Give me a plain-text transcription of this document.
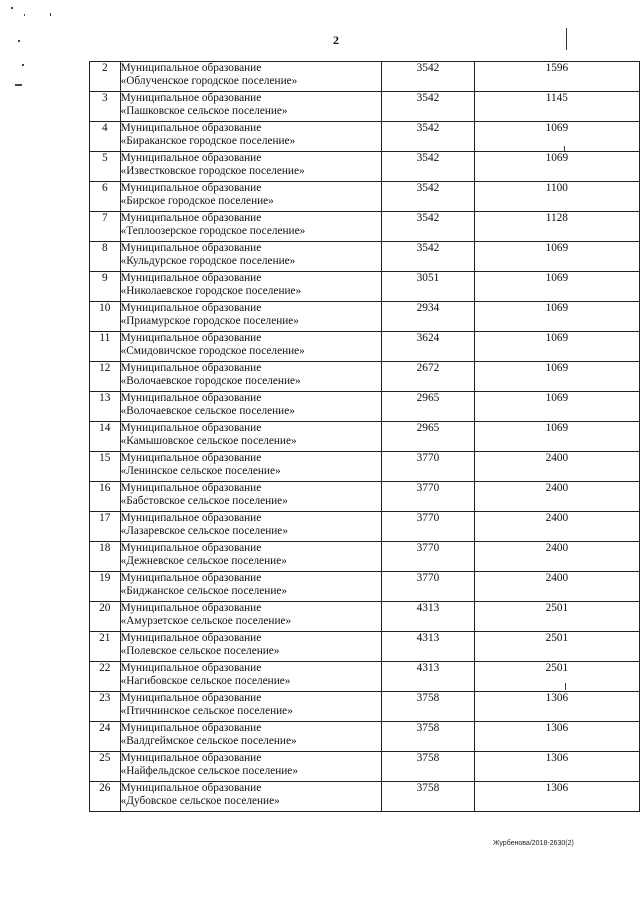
2
2	Муниципальное образование
«Облученское городское поселение»	3542	1596
3	Муниципальное образование
«Пашковское сельское поселение»	3542	1145
4	Муниципальное образование
«Бираканское городское поселение»	3542	1069
5	Муниципальное образование
«Известковское городское поселение»	3542	1069
6	Муниципальное образование
«Бирское городское поселение»	3542	1100
7	Муниципальное образование
«Теплоозерское городское поселение»	3542	1128
8	Муниципальное образование
«Кульдурское городское поселение»	3542	1069
9	Муниципальное образование
«Николаевское городское поселение»	3051	1069
10	Муниципальное образование
«Приамурское городское поселение»	2934	1069
11	Муниципальное образование
«Смидовичское городское поселение»	3624	1069
12	Муниципальное образование
«Волочаевское городское поселение»	2672	1069
13	Муниципальное образование
«Волочаевское сельское поселение»	2965	1069
14	Муниципальное образование
«Камышовское сельское поселение»	2965	1069
15	Муниципальное образование
«Ленинское сельское поселение»	3770	2400
16	Муниципальное образование
«Бабстовское сельское поселение»	3770	2400
17	Муниципальное образование
«Лазаревское сельское поселение»	3770	2400
18	Муниципальное образование
«Дежневское сельское поселение»	3770	2400
19	Муниципальное образование
«Биджанское сельское поселение»	3770	2400
20	Муниципальное образование
«Амурзетское сельское поселение»	4313	2501
21	Муниципальное образование
«Полевское сельское поселение»	4313	2501
22	Муниципальное образование
«Нагибовское сельское поселение»	4313	2501
23	Муниципальное образование
«Птичнинское сельское поселение»	3758	1306
24	Муниципальное образование
«Валдгеймское сельское поселение»	3758	1306
25	Муниципальное образование
«Найфельдское сельское поселение»	3758	1306
26	Муниципальное образование
«Дубовское сельское поселение»	3758	1306
Журбенова/2018-2630(2)
